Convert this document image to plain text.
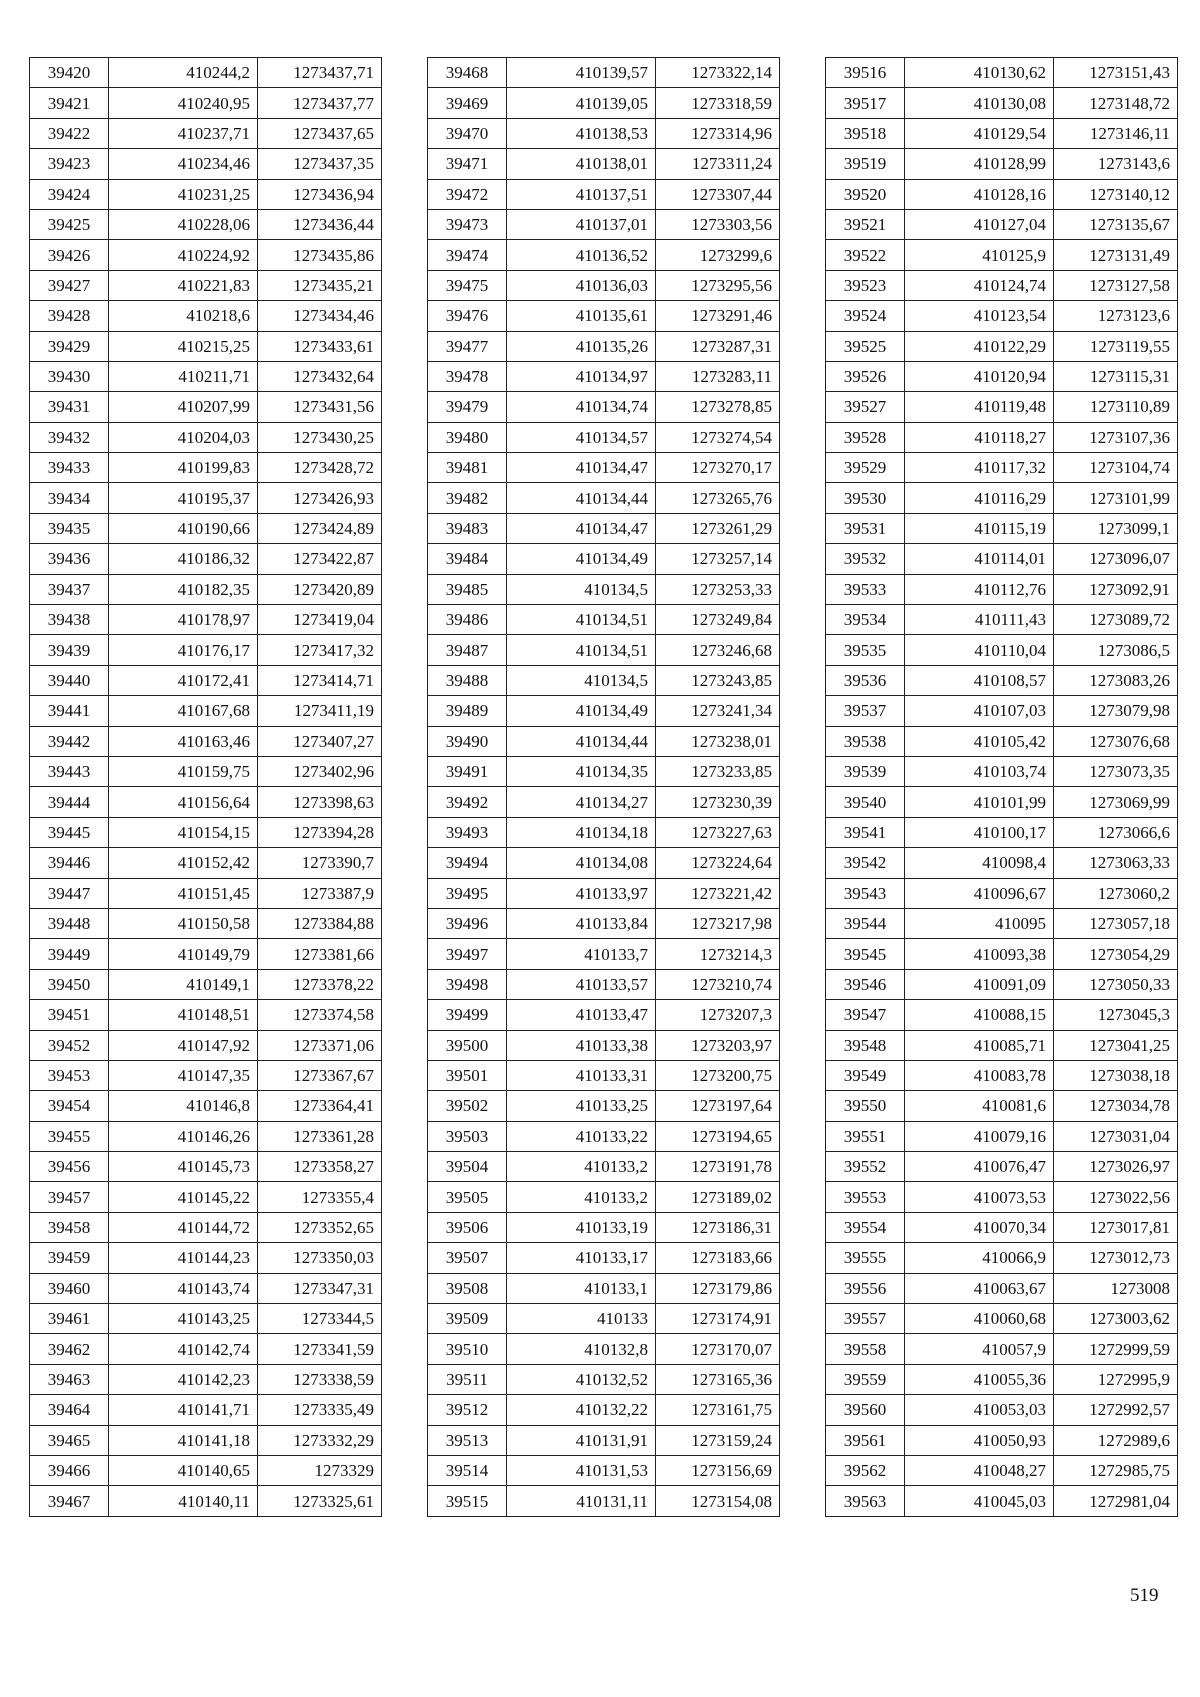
39420	410244,2	1273437,71
39421	410240,95	1273437,77
39422	410237,71	1273437,65
39423	410234,46	1273437,35
39424	410231,25	1273436,94
39425	410228,06	1273436,44
39426	410224,92	1273435,86
39427	410221,83	1273435,21
39428	410218,6	1273434,46
39429	410215,25	1273433,61
39430	410211,71	1273432,64
39431	410207,99	1273431,56
39432	410204,03	1273430,25
39433	410199,83	1273428,72
39434	410195,37	1273426,93
39435	410190,66	1273424,89
39436	410186,32	1273422,87
39437	410182,35	1273420,89
39438	410178,97	1273419,04
39439	410176,17	1273417,32
39440	410172,41	1273414,71
39441	410167,68	1273411,19
39442	410163,46	1273407,27
39443	410159,75	1273402,96
39444	410156,64	1273398,63
39445	410154,15	1273394,28
39446	410152,42	1273390,7
39447	410151,45	1273387,9
39448	410150,58	1273384,88
39449	410149,79	1273381,66
39450	410149,1	1273378,22
39451	410148,51	1273374,58
39452	410147,92	1273371,06
39453	410147,35	1273367,67
39454	410146,8	1273364,41
39455	410146,26	1273361,28
39456	410145,73	1273358,27
39457	410145,22	1273355,4
39458	410144,72	1273352,65
39459	410144,23	1273350,03
39460	410143,74	1273347,31
39461	410143,25	1273344,5
39462	410142,74	1273341,59
39463	410142,23	1273338,59
39464	410141,71	1273335,49
39465	410141,18	1273332,29
39466	410140,65	1273329
39467	410140,11	1273325,61
39468	410139,57	1273322,14
39469	410139,05	1273318,59
39470	410138,53	1273314,96
39471	410138,01	1273311,24
39472	410137,51	1273307,44
39473	410137,01	1273303,56
39474	410136,52	1273299,6
39475	410136,03	1273295,56
39476	410135,61	1273291,46
39477	410135,26	1273287,31
39478	410134,97	1273283,11
39479	410134,74	1273278,85
39480	410134,57	1273274,54
39481	410134,47	1273270,17
39482	410134,44	1273265,76
39483	410134,47	1273261,29
39484	410134,49	1273257,14
39485	410134,5	1273253,33
39486	410134,51	1273249,84
39487	410134,51	1273246,68
39488	410134,5	1273243,85
39489	410134,49	1273241,34
39490	410134,44	1273238,01
39491	410134,35	1273233,85
39492	410134,27	1273230,39
39493	410134,18	1273227,63
39494	410134,08	1273224,64
39495	410133,97	1273221,42
39496	410133,84	1273217,98
39497	410133,7	1273214,3
39498	410133,57	1273210,74
39499	410133,47	1273207,3
39500	410133,38	1273203,97
39501	410133,31	1273200,75
39502	410133,25	1273197,64
39503	410133,22	1273194,65
39504	410133,2	1273191,78
39505	410133,2	1273189,02
39506	410133,19	1273186,31
39507	410133,17	1273183,66
39508	410133,1	1273179,86
39509	410133	1273174,91
39510	410132,8	1273170,07
39511	410132,52	1273165,36
39512	410132,22	1273161,75
39513	410131,91	1273159,24
39514	410131,53	1273156,69
39515	410131,11	1273154,08
39516	410130,62	1273151,43
39517	410130,08	1273148,72
39518	410129,54	1273146,11
39519	410128,99	1273143,6
39520	410128,16	1273140,12
39521	410127,04	1273135,67
39522	410125,9	1273131,49
39523	410124,74	1273127,58
39524	410123,54	1273123,6
39525	410122,29	1273119,55
39526	410120,94	1273115,31
39527	410119,48	1273110,89
39528	410118,27	1273107,36
39529	410117,32	1273104,74
39530	410116,29	1273101,99
39531	410115,19	1273099,1
39532	410114,01	1273096,07
39533	410112,76	1273092,91
39534	410111,43	1273089,72
39535	410110,04	1273086,5
39536	410108,57	1273083,26
39537	410107,03	1273079,98
39538	410105,42	1273076,68
39539	410103,74	1273073,35
39540	410101,99	1273069,99
39541	410100,17	1273066,6
39542	410098,4	1273063,33
39543	410096,67	1273060,2
39544	410095	1273057,18
39545	410093,38	1273054,29
39546	410091,09	1273050,33
39547	410088,15	1273045,3
39548	410085,71	1273041,25
39549	410083,78	1273038,18
39550	410081,6	1273034,78
39551	410079,16	1273031,04
39552	410076,47	1273026,97
39553	410073,53	1273022,56
39554	410070,34	1273017,81
39555	410066,9	1273012,73
39556	410063,67	1273008
39557	410060,68	1273003,62
39558	410057,9	1272999,59
39559	410055,36	1272995,9
39560	410053,03	1272992,57
39561	410050,93	1272989,6
39562	410048,27	1272985,75
39563	410045,03	1272981,04
519
